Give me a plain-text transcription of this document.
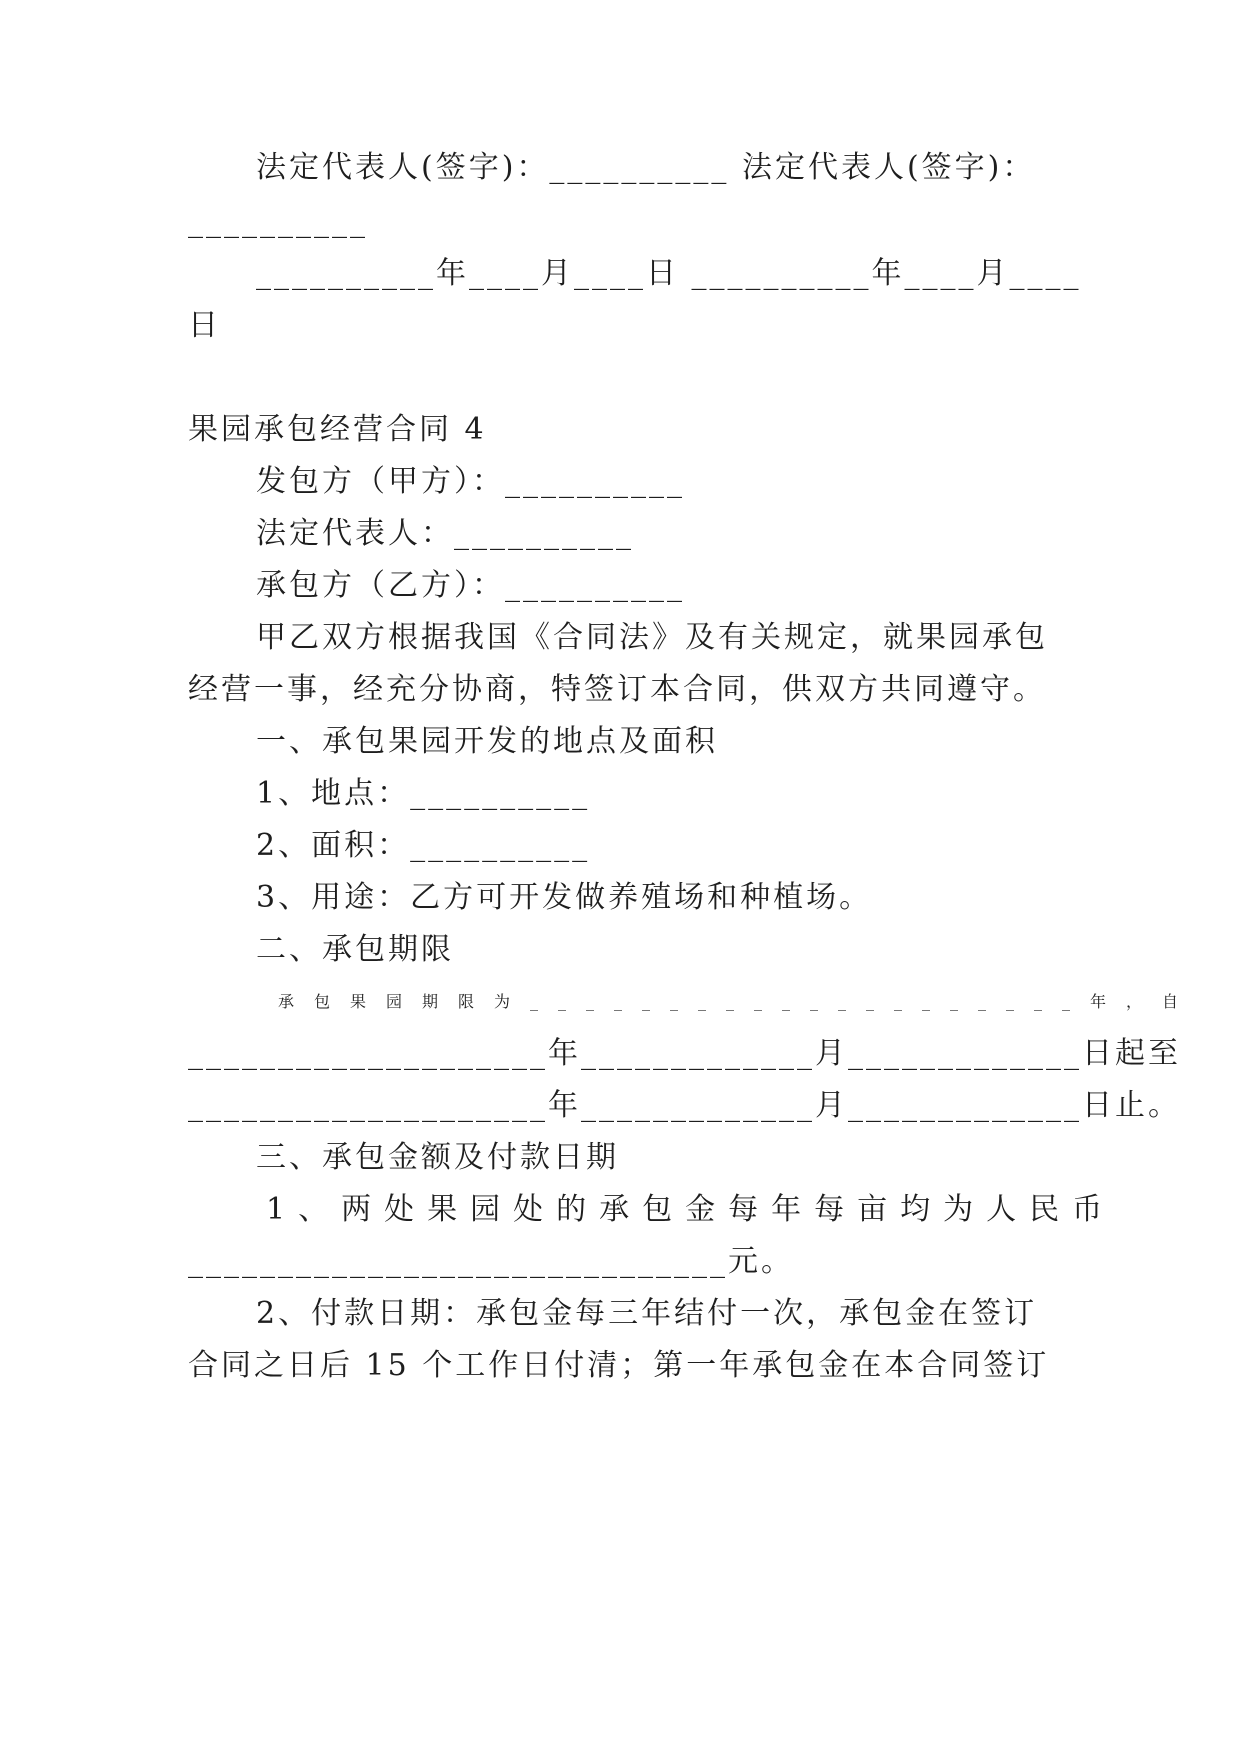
法定代表人(签字)：__________ 法定代表人(签字)：
__________
__________年____月____日 __________年____月____
日
果园承包经营合同 4
发包方（甲方）：__________
法定代表人：__________
承包方（乙方）：__________
甲乙双方根据我国《合同法》及有关规定，就果园承包
经营一事，经充分协商，特签订本合同，供双方共同遵守。
一、承包果园开发的地点及面积
1、地点：__________
2、面积：__________
3、用途：乙方可开发做养殖场和种植场。
二、承包期限
承包果园期限为____________________年，自
____________________年_____________月_____________日起至
____________________年_____________月_____________日止。
三、承包金额及付款日期
1、两处果园处的承包金每年每亩均为人民币
______________________________元。
2、付款日期：承包金每三年结付一次，承包金在签订
合同之日后 15 个工作日付清；第一年承包金在本合同签订
